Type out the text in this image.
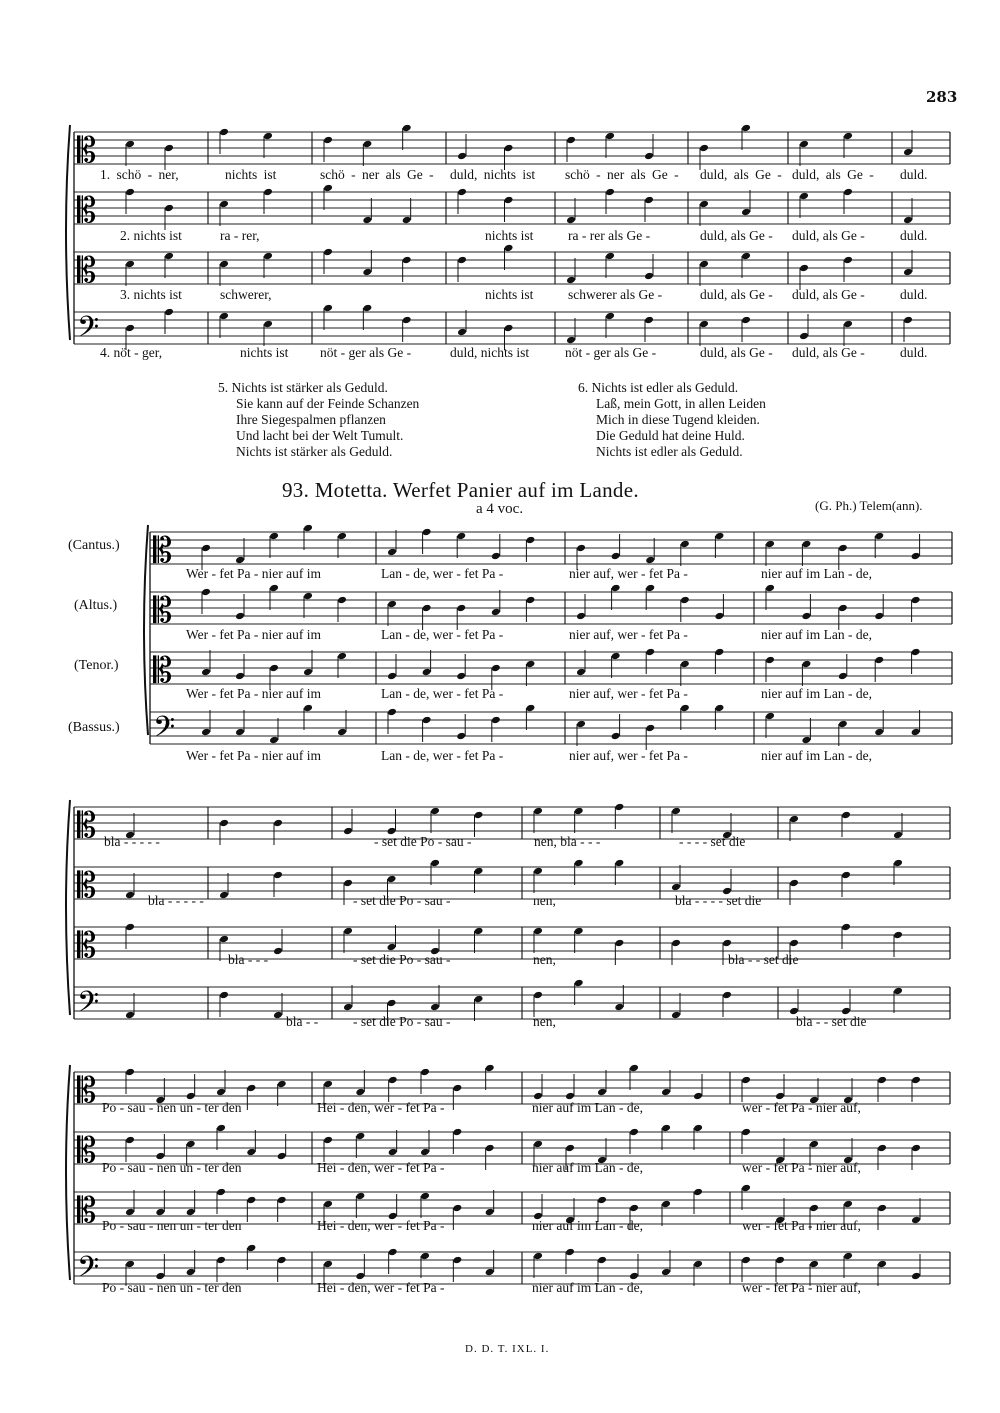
283
𝄡
𝄡
𝄡
𝄢
1. schö - ner,	nichts ist	schö - ner als Ge - duld, nichts ist schö - ner als Ge - duld, als Ge - duld, als Ge - duld.
2. nichts ist	ra - rer,	nichts ist	ra - rer als Ge -	duld, als Ge - duld, als Ge -	duld.
3. nichts ist	schwerer,	nichts ist	schwerer als Ge -	duld, als Ge - duld, als Ge -	duld.
4. nöt - ger,	nichts ist nöt - ger als Ge -	duld, nichts ist	nöt - ger als Ge -	duld, als Ge - duld, als Ge -	duld.
5. Nichts ist stärker als Geduld.
Sie kann auf der Feinde Schanzen
Ihre Siegespalmen pflanzen
Und lacht bei der Welt Tumult.
Nichts ist stärker als Geduld.
6. Nichts ist edler als Geduld.
Laß, mein Gott, in allen Leiden
Mich in diese Tugend kleiden.
Die Geduld hat deine Huld.
Nichts ist edler als Geduld.
93. Motetta. Werfet Panier auf im Lande.
a 4 voc.	(G. Ph.) Telem(ann).
(Cantus.)
(Altus.)
(Tenor.)
(Bassus.)
𝄡
𝄡
𝄡
𝄢
Wer - fet Pa - nier auf im	Lan - de, wer - fet Pa -	nier auf, wer - fet Pa -	nier auf im Lan - de,
Wer - fet Pa - nier auf im	Lan - de, wer - fet Pa -	nier auf, wer - fet Pa -	nier auf im Lan - de,
Wer - fet Pa - nier auf im	Lan - de, wer - fet Pa -	nier auf, wer - fet Pa -	nier auf im Lan - de,
Wer - fet Pa - nier auf im	Lan - de, wer - fet Pa -	nier auf, wer - fet Pa -	nier auf im Lan - de,
𝄡
𝄡
𝄡
𝄢
bla - - - - -	- set die Po - sau -	nen, bla - - -	- - - - set die
bla - - - - -	- set die Po - sau -	nen,	bla - - - - set die
bla - - -	- set die Po - sau -	nen,	bla - - set die
bla - -	- set die Po - sau -	nen,	bla - - set die
𝄡
𝄡
𝄡
𝄢
Po - sau - nen un - ter den	Hei - den, wer - fet Pa -	nier auf im Lan - de,	wer - fet Pa - nier auf,
Po - sau - nen un - ter den	Hei - den, wer - fet Pa -	nier auf im Lan - de,	wer - fet Pa - nier auf,
Po - sau - nen un - ter den	Hei - den, wer - fet Pa -	nier auf im Lan - de,	wer - fet Pa - nier auf,
Po - sau - nen un - ter den	Hei - den, wer - fet Pa -	nier auf im Lan - de,	wer - fet Pa - nier auf,
D. D. T. IXL. I.
